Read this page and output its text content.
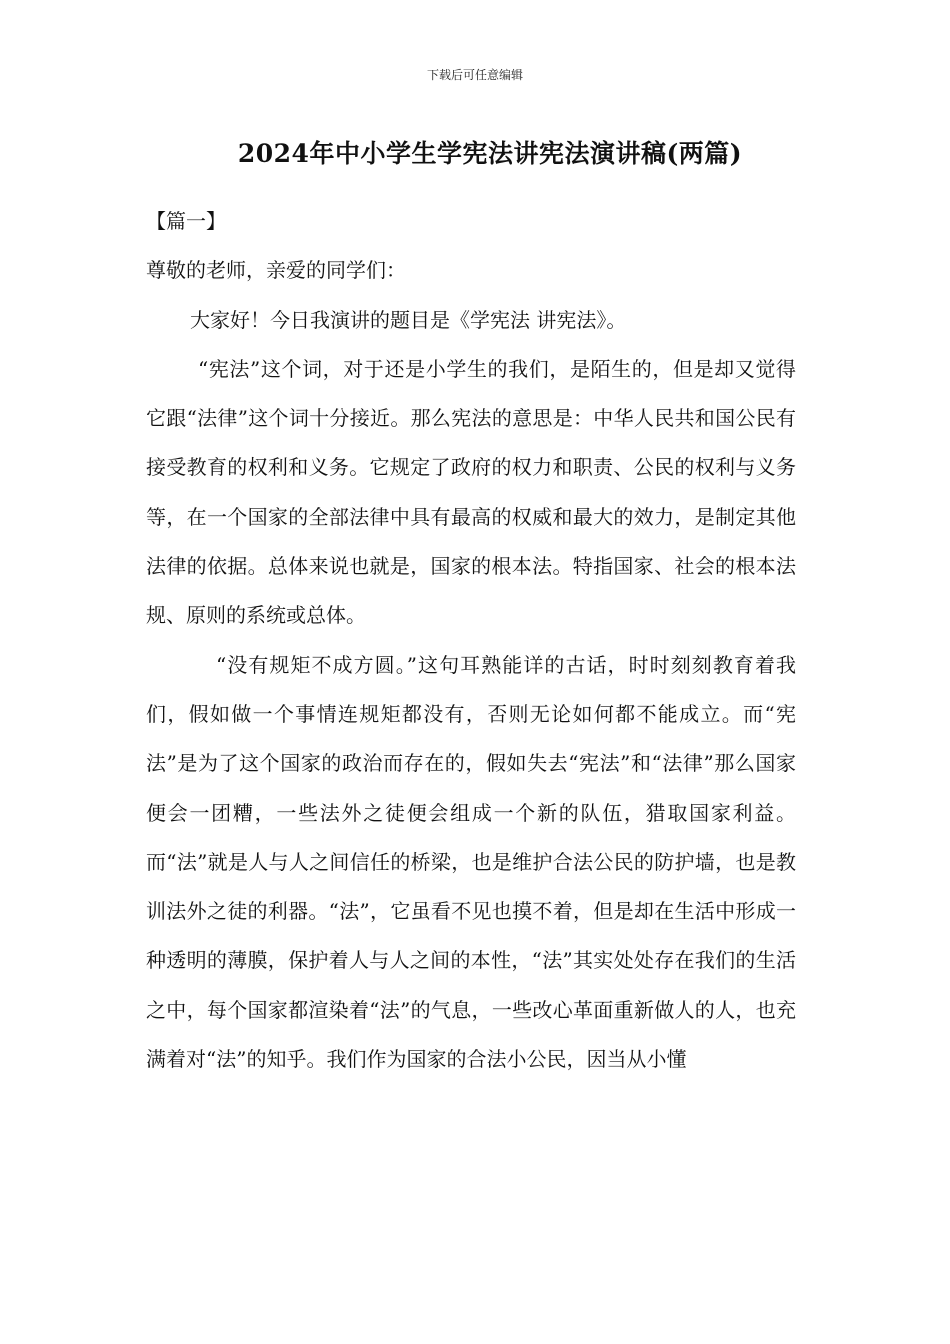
下载后可任意编辑
2024年中小学生学宪法讲宪法演讲稿(两篇)

【篇一】

尊敬的老师，亲爱的同学们：

大家好！今日我演讲的题目是《学宪法 讲宪法》。

“宪法”这个词，对于还是小学生的我们，是陌生的，但是却又觉得它跟“法律”这个词十分接近。那么宪法的意思是：中华人民共和国公民有接受教育的权利和义务。它规定了政府的权力和职责、公民的权利与义务等，在一个国家的全部法律中具有最高的权威和最大的效力，是制定其他法律的依据。总体来说也就是，国家的根本法。特指国家、社会的根本法规、原则的系统或总体。

“没有规矩不成方圆。”这句耳熟能详的古话，时时刻刻教育着我们，假如做一个事情连规矩都没有，否则无论如何都不能成立。而“宪法”是为了这个国家的政治而存在的，假如失去“宪法”和“法律”那么国家便会一团糟，一些法外之徒便会组成一个新的队伍，猎取国家利益。而“法”就是人与人之间信任的桥梁，也是维护合法公民的防护墙，也是教训法外之徒的利器。“法”，它虽看不见也摸不着，但是却在生活中形成一种透明的薄膜，保护着人与人之间的本性，“法”其实处处存在我们的生活之中，每个国家都渲染着“法”的气息，一些改心革面重新做人的人，也充满着对“法”的知乎。我们作为国家的合法小公民，因当从小懂
